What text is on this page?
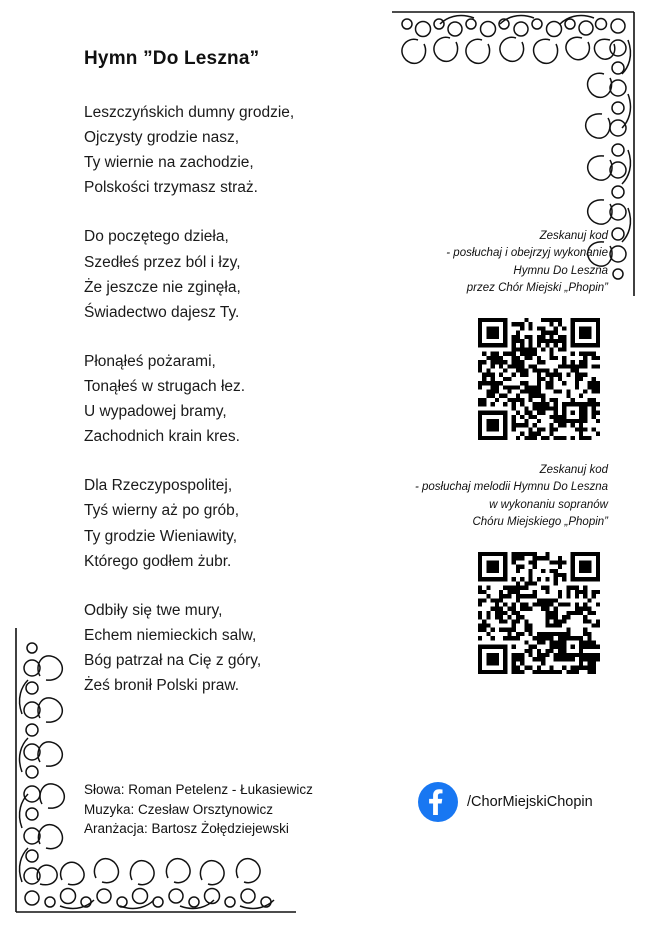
Hymn ”Do Leszna”

Leszczyńskich dumny grodzie,
Ojczysty grodzie nasz,
Ty wiernie na zachodzie,
Polskości trzymasz straż.

Do poczętego dzieła,
Szedłeś przez ból i łzy,
Że jeszcze nie zginęła,
Świadectwo dajesz Ty.

Płonąłeś pożarami,
Tonąłeś w strugach łez.
U wypadowej bramy,
Zachodnich krain kres.

Dla Rzeczypospolitej,
Tyś wierny aż po grób,
Ty grodzie Wieniawity,
Którego godłem żubr.

Odbiły się twe mury,
Echem niemieckich salw,
Bóg patrzał na Cię z góry,
Żeś bronił Polski praw.

Słowa: Roman Petelenz - Łukasiewicz
Muzyka: Czesław Orsztynowicz
Aranżacja: Bartosz Żołędziejewski
Zeskanuj kod
- posłuchaj i obejrzyj wykonanie
Hymnu Do Leszna
przez Chór Miejski „Phopin”
Zeskanuj kod
- posłuchaj melodii Hymnu Do Leszna
w wykonaniu sopranów
Chóru Miejskiego „Phopin”
/ChorMiejskiChopin
